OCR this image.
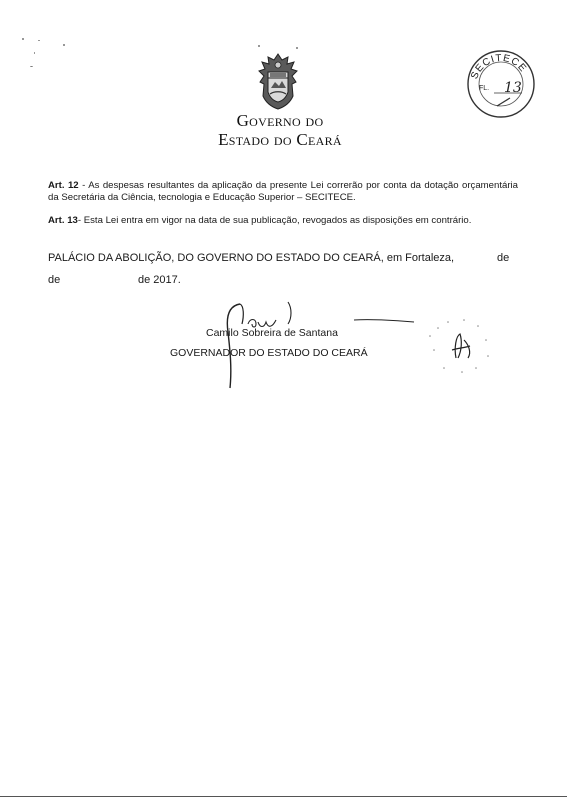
Governo do
Estado do Ceará
SECITECE
FL. 13
Art. 12 - As despesas resultantes da aplicação da presente Lei correrão por conta da dotação orçamentária da Secretária da Ciência, tecnologia e Educação Superior – SECITECE.
Art. 13- Esta Lei entra em vigor na data de sua publicação, revogados as disposições em contrário.
PALÁCIO DA ABOLIÇÃO, DO GOVERNO DO ESTADO DO CEARÁ, em Fortaleza,	de
de	de 2017.
Camilo Sobreira de Santana
GOVERNADOR DO ESTADO DO CEARÁ
